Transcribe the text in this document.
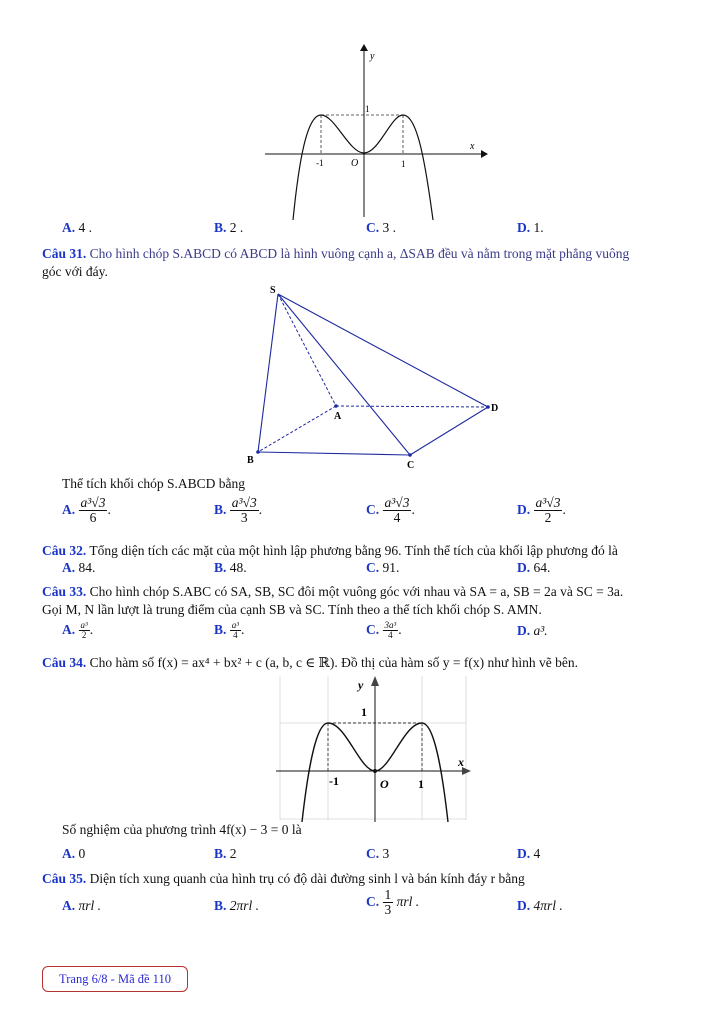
y
x
1
O
-1	1
A. 4 .	B. 2 .	C. 3 .	D. 1.
Câu 31. Cho hình chóp S.ABCD có ABCD là hình vuông cạnh a, ΔSAB đều và nằm trong mặt phẳng vuông
góc với đáy.
S
A
B	C
D
Thể tích khối chóp S.ABCD bằng
A. $\frac{\text{a³√3}}{6}$ .	B. $\frac{\text{a³√3}}{3}$ .	C. $\frac{\text{a³√3}}{4}$ .	D. $\frac{\text{a³√3}}{2}$ .
Câu 32. Tổng diện tích các mặt của một hình lập phương bằng 96. Tính thể tích của khối lập phương đó là
A. 84.	B. 48.	C. 91.	D. 64.
Câu 33. Cho hình chóp S.ABC có SA, SB, SC đôi một vuông góc với nhau và SA = a, SB = 2a và SC = 3a.
Gọi M, N lần lượt là trung điểm của cạnh SB và SC. Tính theo a thể tích khối chóp S. AMN.
A. $\frac{\text{a³}}{2}$ .	B. $\frac{\text{a³}}{4}$ .	C. $\frac{\text{3a³}}{4}$ .	D. a³.
Câu 34. Cho hàm số f(x) = ax⁴ + bx² + c (a, b, c ∈ ℝ). Đồ thị của hàm số y = f(x) như hình vẽ bên.
y
x
1
O
-1	1
Số nghiệm của phương trình 4f(x) − 3 = 0 là
A. 0	B. 2	C. 3	D. 4
Câu 35. Diện tích xung quanh của hình trụ có độ dài đường sinh l và bán kính đáy r bằng
A. πrl .	B. 2πrl .	C. $\frac{1}{3}$ πrl .	D. 4πrl .
Trang 6/8 - Mã đề 110
